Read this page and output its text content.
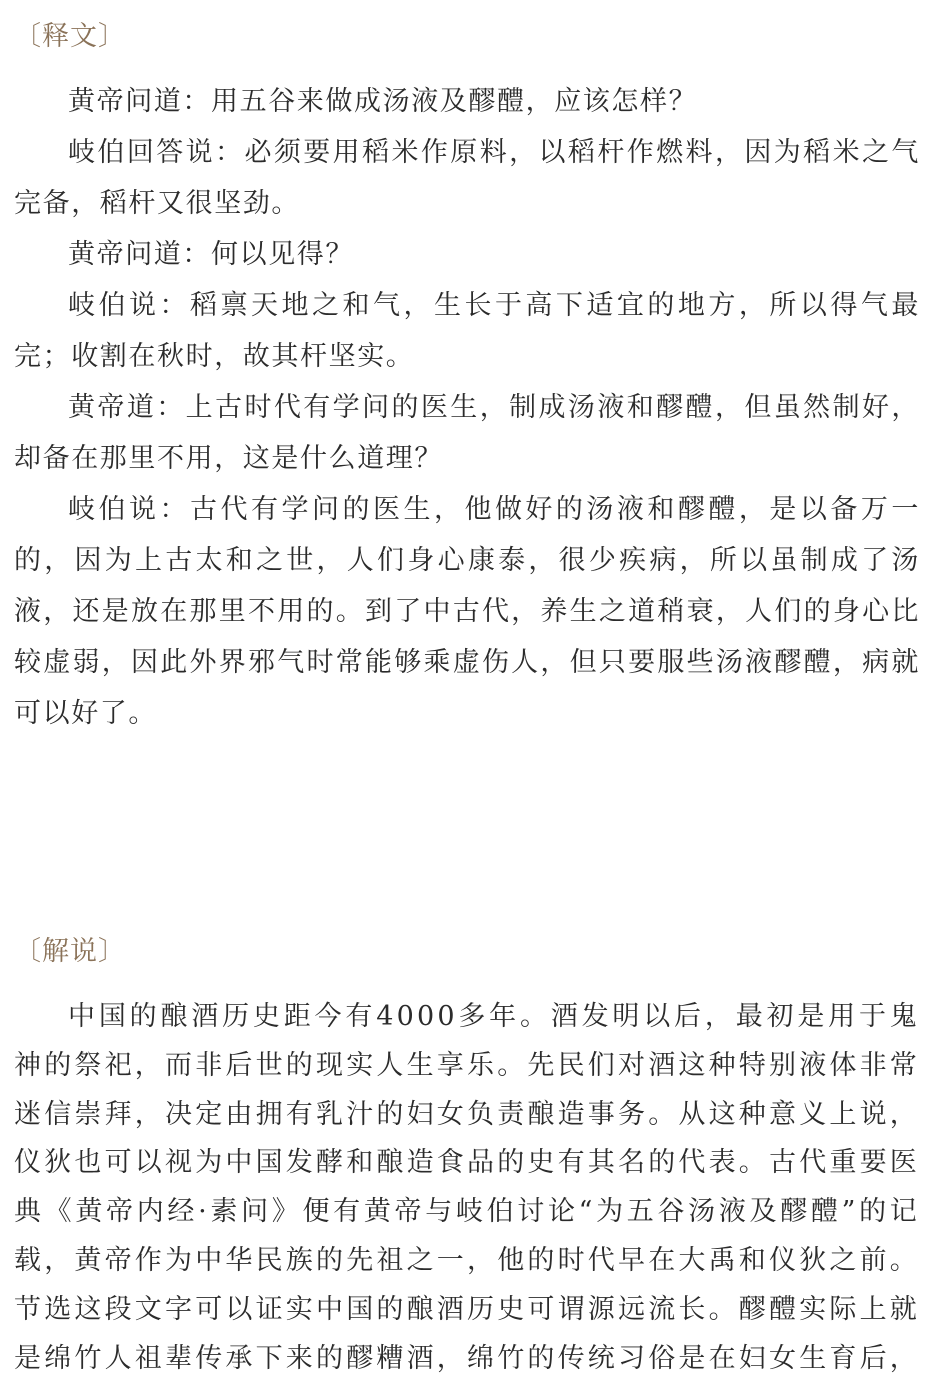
〔释文〕

黄帝问道：用五谷来做成汤液及醪醴，应该怎样？

岐伯回答说：必须要用稻米作原料，以稻杆作燃料，因为稻米之气完备，稻杆又很坚劲。

黄帝问道：何以见得？

岐伯说：稻禀天地之和气，生长于高下适宜的地方，所以得气最完；收割在秋时，故其杆坚实。

黄帝道：上古时代有学问的医生，制成汤液和醪醴，但虽然制好，却备在那里不用，这是什么道理？

岐伯说：古代有学问的医生，他做好的汤液和醪醴，是以备万一的，因为上古太和之世，人们身心康泰，很少疾病，所以虽制成了汤液，还是放在那里不用的。到了中古代，养生之道稍衰，人们的身心比较虚弱，因此外界邪气时常能够乘虚伤人，但只要服些汤液醪醴，病就可以好了。

〔解说〕

中国的酿酒历史距今有4000多年。酒发明以后，最初是用于鬼神的祭祀，而非后世的现实人生享乐。先民们对酒这种特别液体非常迷信崇拜，决定由拥有乳汁的妇女负责酿造事务。从这种意义上说，仪狄也可以视为中国发酵和酿造食品的史有其名的代表。古代重要医典《黄帝内经·素问》便有黄帝与岐伯讨论“为五谷汤液及醪醴”的记载，黄帝作为中华民族的先祖之一，他的时代早在大禹和仪狄之前。节选这段文字可以证实中国的酿酒历史可谓源远流长。醪醴实际上就是绵竹人祖辈传承下来的醪糟酒，绵竹的传统习俗是在妇女生育后，
